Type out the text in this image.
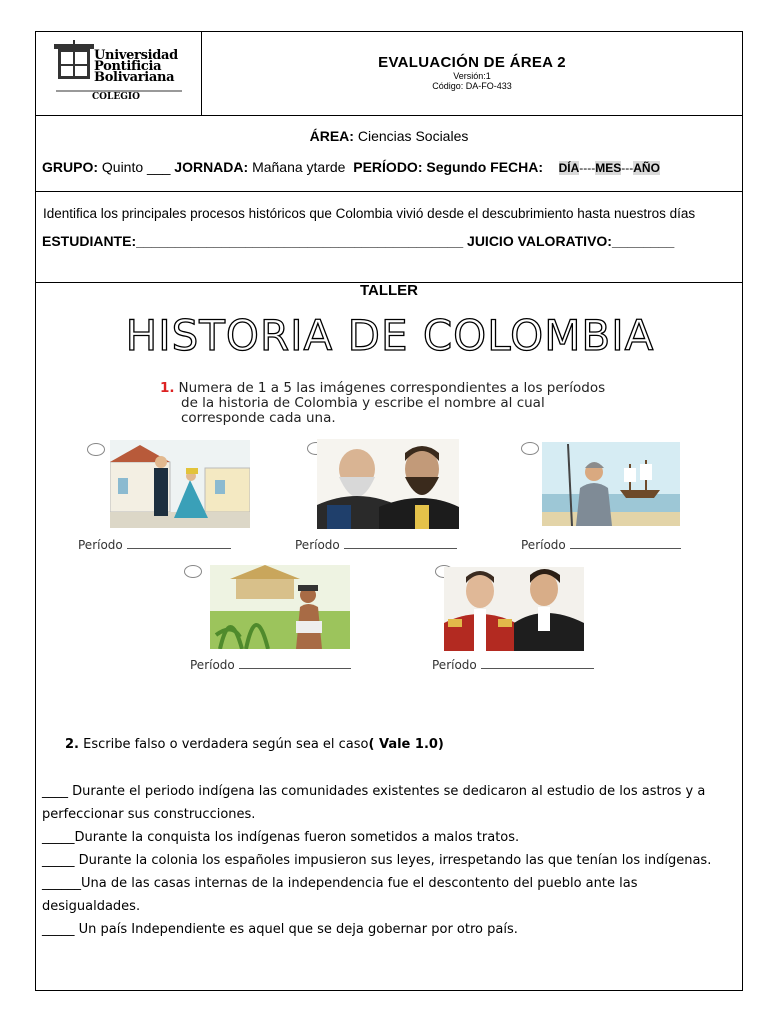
Universidad
Pontificia
Bolivariana
COLEGIO
EVALUACIÓN DE ÁREA 2
Versión:1
Código: DA-FO-433
ÁREA: Ciencias Sociales
GRUPO: Quinto ___ JORNADA: Mañana ytarde PERÍODO: Segundo FECHA: DÍA----MES---AÑO
Identifica los principales procesos históricos que Colombia vivió desde el descubrimiento hasta nuestros días
ESTUDIANTE:__________________________________________ JUICIO VALORATIVO:________
TALLER
HISTORIA DE COLOMBIA
1. Numera de 1 a 5 las imágenes correspondientes a los períodos
de la historia de Colombia y escribe el nombre al cual
corresponde cada una.
Período	Período	Período
Período	Período
2. Escribe falso o verdadera según sea el caso( Vale 1.0)

____ Durante el periodo indígena las comunidades existentes se dedicaron al estudio de los astros y a perfeccionar sus construcciones.

_____Durante la conquista los indígenas fueron sometidos a malos tratos.

_____ Durante la colonia los españoles impusieron sus leyes, irrespetando las que tenían los indígenas.

______Una de las casas internas de la independencia fue el descontento del pueblo ante las desigualdades.

_____ Un país Independiente es aquel que se deja gobernar por otro país.
